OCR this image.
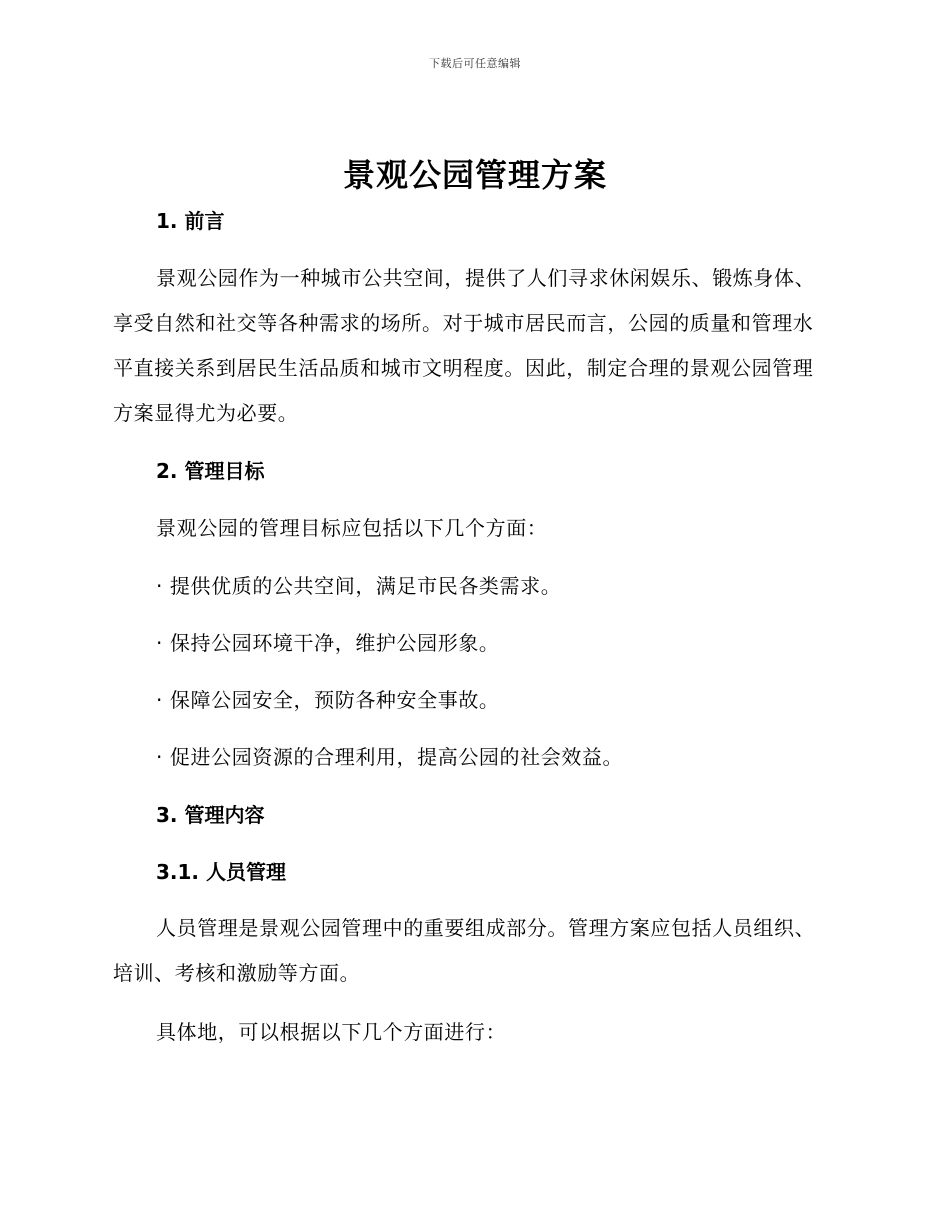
下载后可任意编辑
景观公园管理方案
1. 前言

景观公园作为一种城市公共空间，提供了人们寻求休闲娱乐、锻炼身体、享受自然和社交等各种需求的场所。对于城市居民而言，公园的质量和管理水平直接关系到居民生活品质和城市文明程度。因此，制定合理的景观公园管理方案显得尤为必要。

2. 管理目标
景观公园的管理目标应包括以下几个方面：
· 提供优质的公共空间，满足市民各类需求。
· 保持公园环境干净，维护公园形象。
· 保障公园安全，预防各种安全事故。
· 促进公园资源的合理利用，提高公园的社会效益。
3. 管理内容
3.1. 人员管理

人员管理是景观公园管理中的重要组成部分。管理方案应包括人员组织、培训、考核和激励等方面。

具体地，可以根据以下几个方面进行：
